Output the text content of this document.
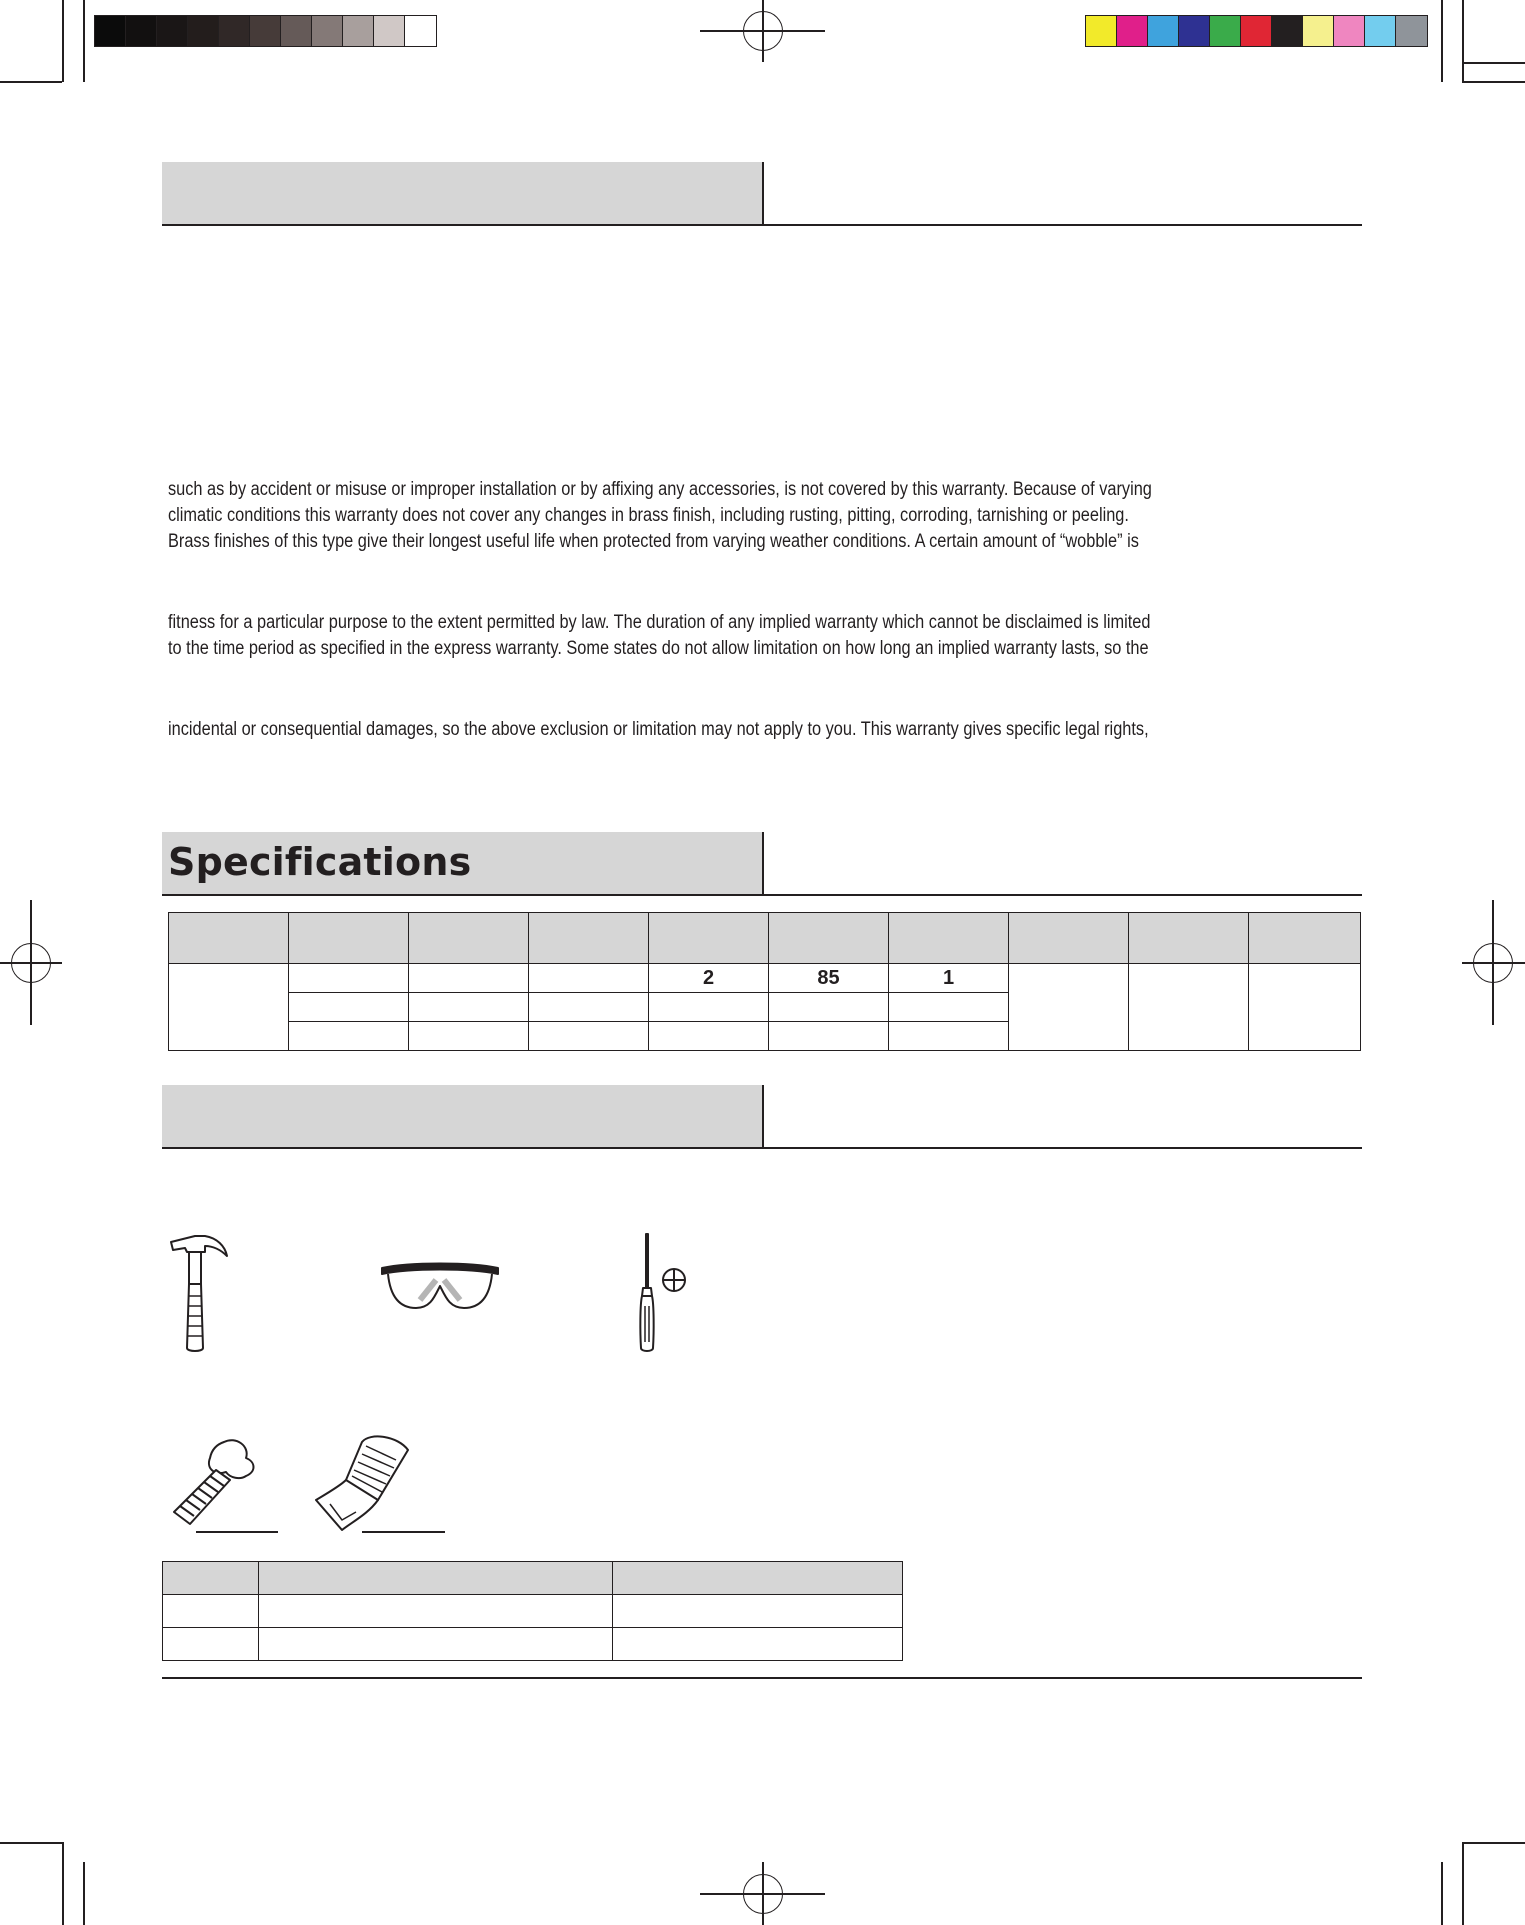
such as by accident or misuse or improper installation or by affixing any accessories, is not covered by this warranty. Because of varying
climatic conditions this warranty does not cover any changes in brass finish, including rusting, pitting, corroding, tarnishing or peeling.
Brass finishes of this type give their longest useful life when protected from varying weather conditions. A certain amount of “wobble” is
fitness for a particular purpose to the extent permitted by law. The duration of any implied warranty which cannot be disclaimed is limited
to the time period as specified in the express warranty. Some states do not allow limitation on how long an implied warranty lasts, so the
incidental or consequential damages, so the above exclusion or limitation may not apply to you. This warranty gives specific legal rights,
Specifications

				2	85	1			
